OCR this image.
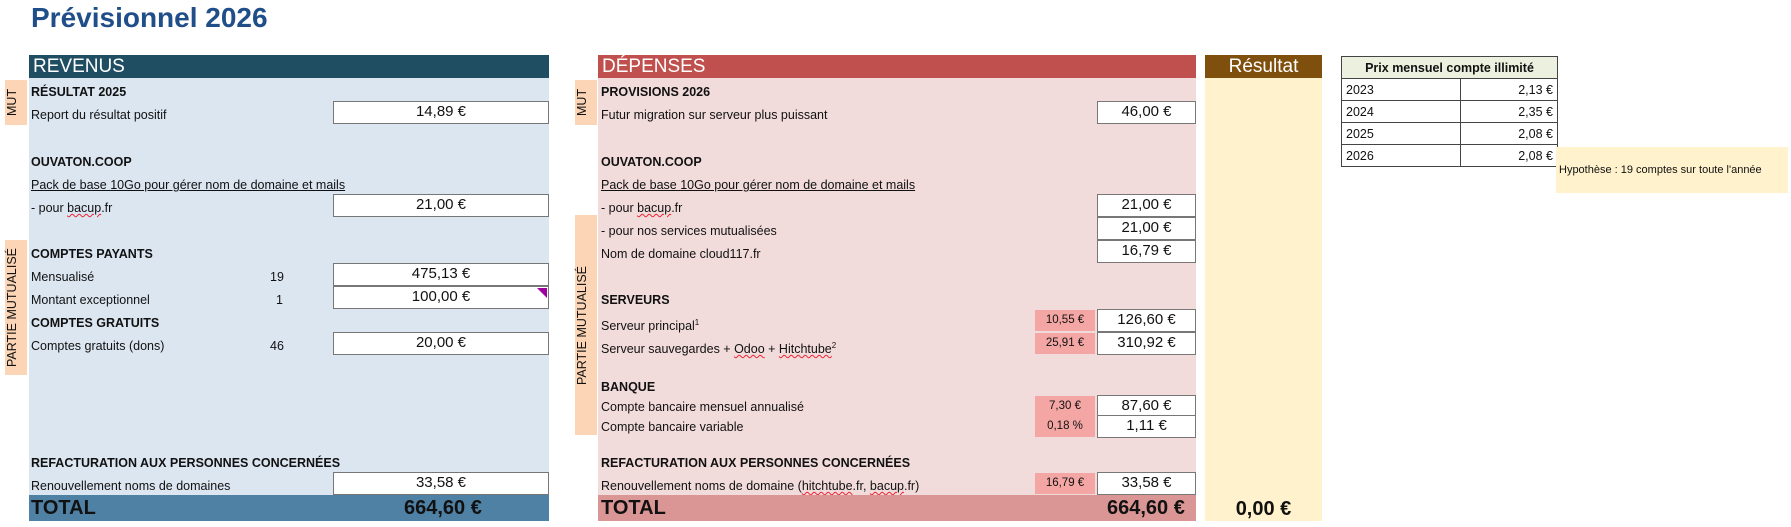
Prévisionnel 2026
REVENUS
MUT
PARTIE MUTUALISÉ
RÉSULTAT 2025
Report du résultat positif	14,89 €
OUVATON.COOP
Pack de base 10Go pour gérer nom de domaine et mails
- pour bacup.fr	21,00 €
COMPTES PAYANTS
Mensualisé	19	475,13 €
Montant exceptionnel	1	100,00 €
COMPTES GRATUITS
Comptes gratuits (dons)	46	20,00 €
REFACTURATION AUX PERSONNES CONCERNÉES
Renouvellement noms de domaines	33,58 €
TOTAL	664,60 €
DÉPENSES
MUT
PARTIE MUTUALISÉ
PROVISIONS 2026
Futur migration sur serveur plus puissant	46,00 €
OUVATON.COOP
Pack de base 10Go pour gérer nom de domaine et mails
- pour bacup.fr	21,00 €
- pour nos services mutualisées	21,00 €
Nom de domaine cloud117.fr	16,79 €
SERVEURS
Serveur principal$^1$	10,55 €	126,60 €
Serveur sauvegardes + Odoo + Hitchtube$^2$	25,91 €	310,92 €
BANQUE
Compte bancaire mensuel annualisé	7,30 €	87,60 €
Compte bancaire variable	0,18 %	1,11 €
REFACTURATION AUX PERSONNES CONCERNÉES
Renouvellement noms de domaine (hitchtube.fr, bacup.fr)	16,79 €	33,58 €
TOTAL	664,60 €
Résultat
0,00 €
Prix mensuel compte illimité	
2023	2,13 €
2024	2,35 €
2025	2,08 €
2026	2,08 €
Hypothèse : 19 comptes sur toute l'année
